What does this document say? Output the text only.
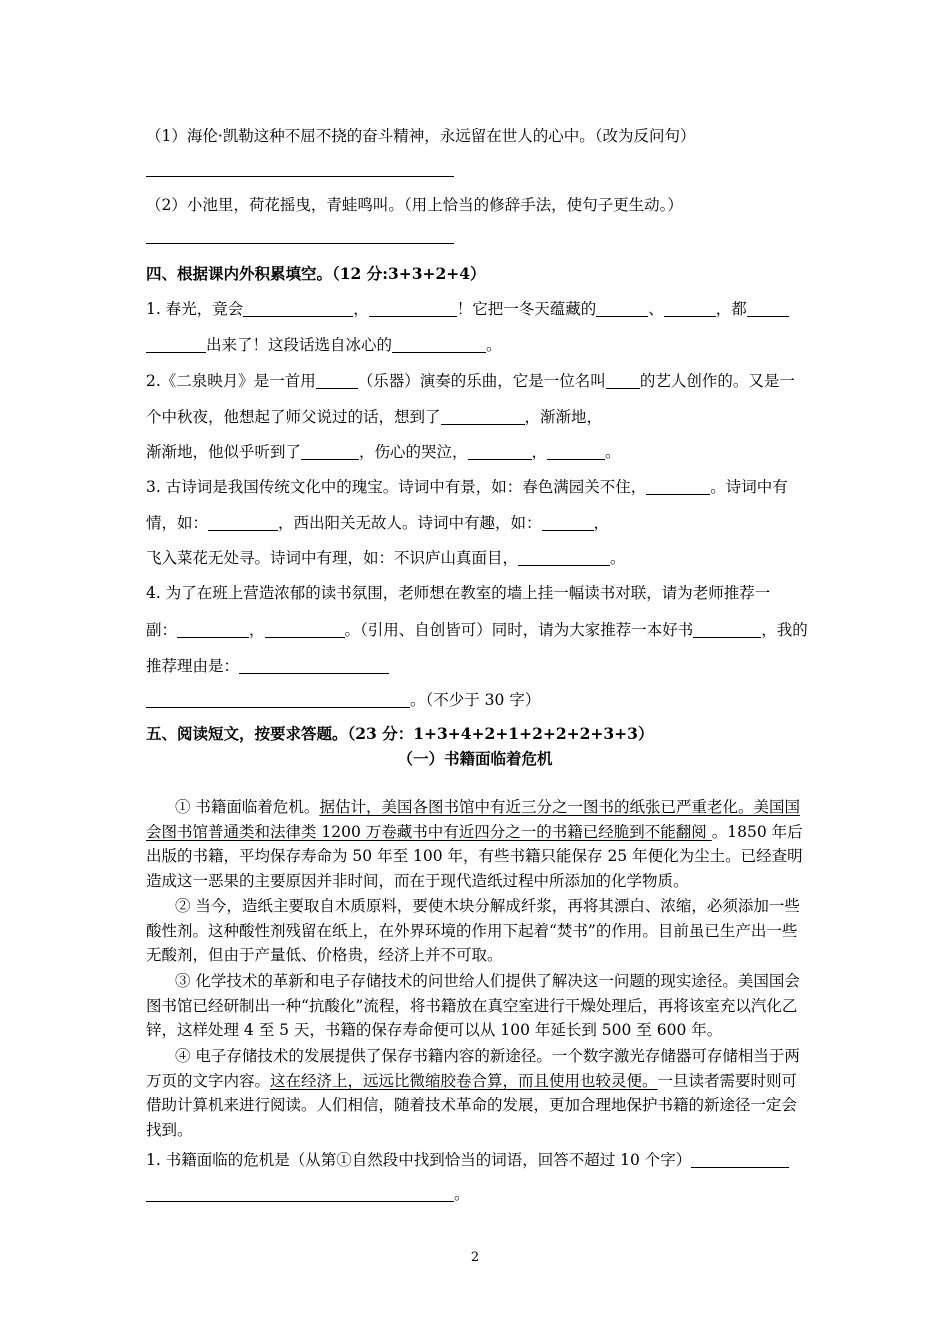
（1）海伦·凯勒这种不屈不挠的奋斗精神，永远留在世人的心中。（改为反问句）
（2）小池里，荷花摇曳，青蛙鸣叫。（用上恰当的修辞手法，使句子更生动。）
四、根据课内外积累填空。（12 分:3+3+2+4）
1. 春光，竟会	，	！它把一冬天蕴藏的	、	，都
出来了！这段话选自冰心的	。
2.《二泉映月》是一首用	（乐器）演奏的乐曲，它是一位名叫 的艺人创作的。又是一
个中秋夜，他想起了师父说过的话，想到了	，渐渐地，
渐渐地，他似乎听到了	，伤心的哭泣，	，	。
3. 古诗词是我国传统文化中的瑰宝。诗词中有景，如：春色满园关不住，	。诗词中有
情，如：	，西出阳关无故人。诗词中有趣，如：	，
飞入菜花无处寻。诗词中有理，如：不识庐山真面目，	。
4. 为了在班上营造浓郁的读书氛围，老师想在教室的墙上挂一幅读书对联，请为老师推荐一
副：	，	。（引用、自创皆可）同时，请为大家推荐一本好书	，我的
推荐理由是：
。（不少于 30 字）
五、阅读短文，按要求答题。（23 分：1+3+4+2+1+2+2+2+3+3）
（一）书籍面临着危机
① 书籍面临着危机。据估计，美国各图书馆中有近三分之一图书的纸张已严重老化。美国国会图书馆普通类和法律类 1200 万卷藏书中有近四分之一的书籍已经脆到不能翻阅 。1850 年后出版的书籍，平均保存寿命为 50 年至 100 年，有些书籍只能保存 25 年便化为尘土。已经查明造成这一恶果的主要原因并非时间，而在于现代造纸过程中所添加的化学物质。
② 当今，造纸主要取自木质原料，要使木块分解成纤浆，再将其漂白、浓缩，必须添加一些酸性剂。这种酸性剂残留在纸上，在外界环境的作用下起着“焚书”的作用。目前虽已生产出一些无酸剂，但由于产量低、价格贵，经济上并不可取。
③ 化学技术的革新和电子存储技术的问世给人们提供了解决这一问题的现实途径。美国国会图书馆已经研制出一种“抗酸化”流程，将书籍放在真空室进行干燥处理后，再将该室充以汽化乙锌，这样处理 4 至 5 天，书籍的保存寿命便可以从 100 年延长到 500 至 600 年。
④ 电子存储技术的发展提供了保存书籍内容的新途径。一个数字激光存储器可存储相当于两万页的文字内容。这在经济上，远远比微缩胶卷合算，而且使用也较灵便。一旦读者需要时则可借助计算机来进行阅读。人们相信，随着技术革命的发展，更加合理地保护书籍的新途径一定会找到。
1. 书籍面临的危机是（从第①自然段中找到恰当的词语，回答不超过 10 个字）
。
2
